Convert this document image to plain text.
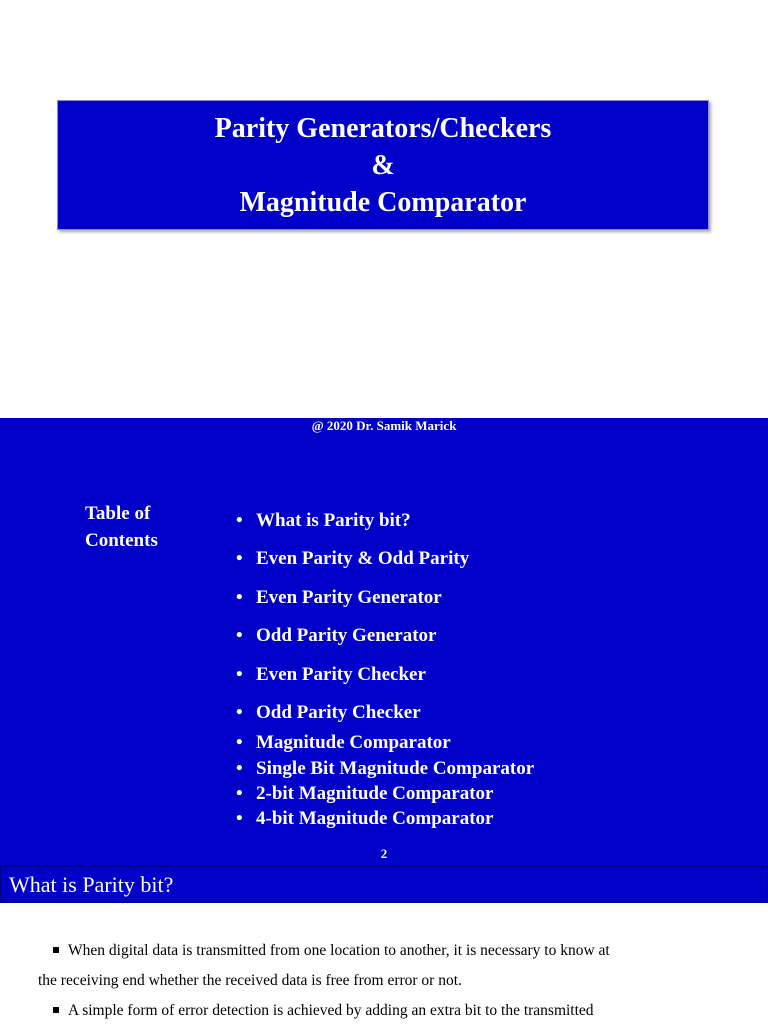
Parity Generators/Checkers
&
Magnitude Comparator
@ 2020 Dr. Samik Marick
Table of
Contents
• What is Parity bit?
• Even Parity & Odd Parity
• Even Parity Generator
• Odd Parity Generator
• Even Parity Checker
• Odd Parity Checker
• Magnitude Comparator
• Single Bit Magnitude Comparator
• 2-bit Magnitude Comparator
• 4-bit Magnitude Comparator
2
What is Parity bit?
When digital data is transmitted from one location to another, it is necessary to know at
the receiving end whether the received data is free from error or not.
A simple form of error detection is achieved by adding an extra bit to the transmitted
